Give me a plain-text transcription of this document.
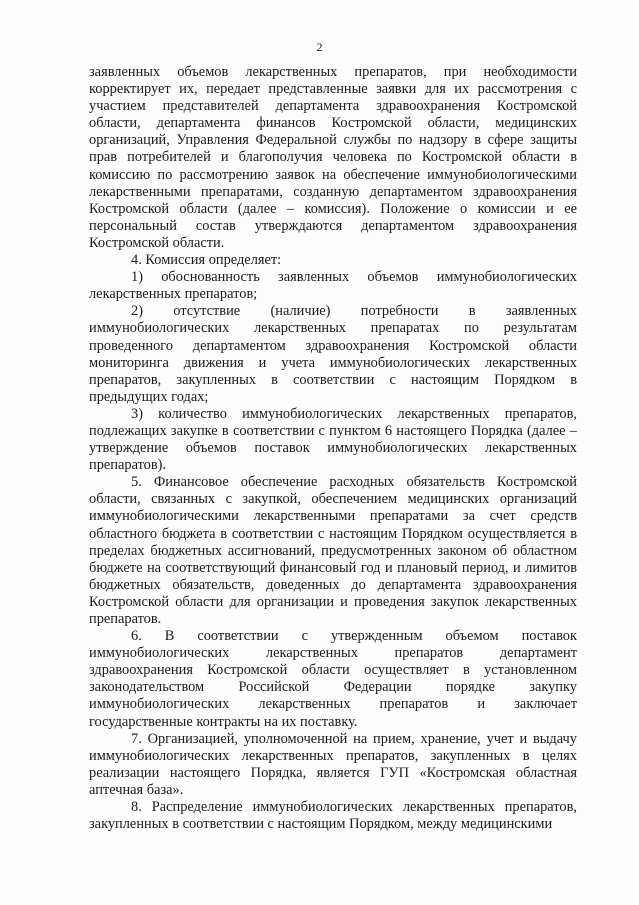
2

заявленных объемов лекарственных препаратов, при необходимости корректирует их, передает представленные заявки для их рассмотрения с участием представителей департамента здравоохранения Костромской области, департамента финансов Костромской области, медицинских организаций, Управления Федеральной службы по надзору в сфере защиты прав потребителей и благополучия человека по Костромской области в комиссию по рассмотрению заявок на обеспечение иммунобиологическими лекарственными препаратами, созданную департаментом здравоохранения Костромской области (далее – комиссия). Положение о комиссии и ее персональный состав утверждаются департаментом здравоохранения Костромской области.

4. Комиссия определяет:

1) обоснованность заявленных объемов иммунобиологических лекарственных препаратов;

2) отсутствие (наличие) потребности в заявленных иммунобиологических лекарственных препаратах по результатам проведенного департаментом здравоохранения Костромской области мониторинга движения и учета иммунобиологических лекарственных препаратов, закупленных в соответствии с настоящим Порядком в предыдущих годах;

3) количество иммунобиологических лекарственных препаратов, подлежащих закупке в соответствии с пунктом 6 настоящего Порядка (далее – утверждение объемов поставок иммунобиологических лекарственных препаратов).

5. Финансовое обеспечение расходных обязательств Костромской области, связанных с закупкой, обеспечением медицинских организаций иммунобиологическими лекарственными препаратами за счет средств областного бюджета в соответствии с настоящим Порядком осуществляется в пределах бюджетных ассигнований, предусмотренных законом об областном бюджете на соответствующий финансовый год и плановый период, и лимитов бюджетных обязательств, доведенных до департамента здравоохранения Костромской области для организации и проведения закупок лекарственных препаратов.

6. В соответствии с утвержденным объемом поставок иммунобиологических лекарственных препаратов департамент здравоохранения Костромской области осуществляет в установленном законодательством Российской Федерации порядке закупку иммунобиологических лекарственных препаратов и заключает государственные контракты на их поставку.

7. Организацией, уполномоченной на прием, хранение, учет и выдачу иммунобиологических лекарственных препаратов, закупленных в целях реализации настоящего Порядка, является ГУП «Костромская областная аптечная база».

8. Распределение иммунобиологических лекарственных препаратов, закупленных в соответствии с настоящим Порядком, между медицинскими
